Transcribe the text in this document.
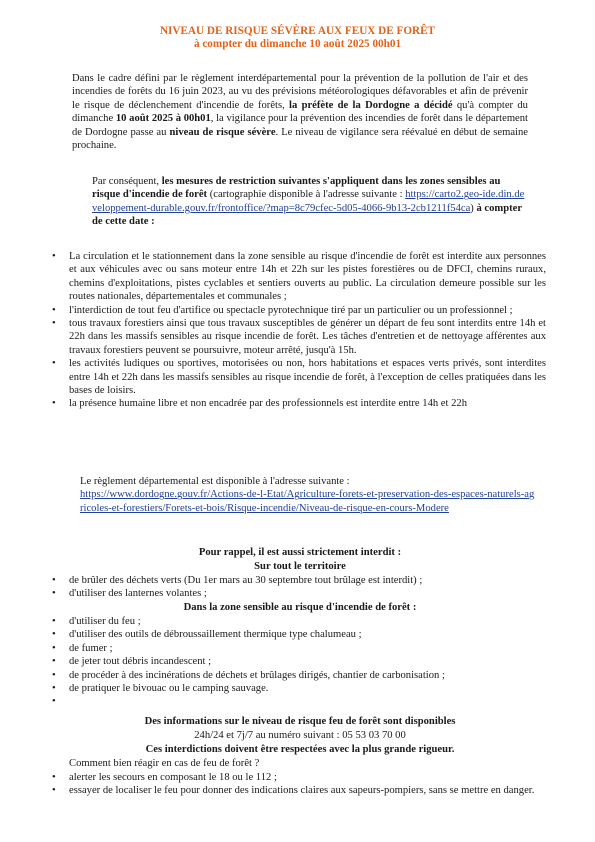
NIVEAU DE RISQUE SÉVÈRE AUX FEUX DE FORÊT
à compter du dimanche 10 août 2025 00h01
Dans le cadre défini par le règlement interdépartemental pour la prévention de la pollution de l'air et des incendies de forêts du 16 juin 2023, au vu des prévisions météorologiques défavorables et afin de prévenir le risque de déclenchement d'incendie de forêts, la préfète de la Dordogne a décidé qu'à compter du dimanche 10 août 2025 à 00h01, la vigilance pour la prévention des incendies de forêt dans le département de Dordogne passe au niveau de risque sévère. Le niveau de vigilance sera réévalué en début de semaine prochaine.
Par conséquent, les mesures de restriction suivantes s'appliquent dans les zones sensibles au risque d'incendie de forêt (cartographie disponible à l'adresse suivante : https://carto2.geo-ide.din.developpement-durable.gouv.fr/frontoffice/?map=8c79cfec-5d05-4066-9b13-2cb1211f54ca) à compter de cette date :
• La circulation et le stationnement dans la zone sensible au risque d'incendie de forêt est interdite aux personnes et aux véhicules avec ou sans moteur entre 14h et 22h sur les pistes forestières ou de DFCI, chemins ruraux, chemins d'exploitations, pistes cyclables et sentiers ouverts au public. La circulation demeure possible sur les routes nationales, départementales et communales ;
• l'interdiction de tout feu d'artifice ou spectacle pyrotechnique tiré par un particulier ou un professionnel ;
• tous travaux forestiers ainsi que tous travaux susceptibles de générer un départ de feu sont interdits entre 14h et 22h dans les massifs sensibles au risque incendie de forêt. Les tâches d'entretien et de nettoyage afférentes aux travaux forestiers peuvent se poursuivre, moteur arrêté, jusqu'à 15h.
• les activités ludiques ou sportives, motorisées ou non, hors habitations et espaces verts privés, sont interdites entre 14h et 22h dans les massifs sensibles au risque incendie de forêt, à l'exception de celles pratiquées dans les bases de loisirs.
• la présence humaine libre et non encadrée par des professionnels est interdite entre 14h et 22h
Le règlement départemental est disponible à l'adresse suivante :
https://www.dordogne.gouv.fr/Actions-de-l-Etat/Agriculture-forets-et-preservation-des-espaces-naturels-agricoles-et-forestiers/Forets-et-bois/Risque-incendie/Niveau-de-risque-en-cours-Modere
Pour rappel, il est aussi strictement interdit :
Sur tout le territoire
• de brûler des déchets verts (Du 1er mars au 30 septembre tout brûlage est interdit) ;
• d'utiliser des lanternes volantes ;
Dans la zone sensible au risque d'incendie de forêt :
• d'utiliser du feu ;
• d'utiliser des outils de débroussaillement thermique type chalumeau ;
• de fumer ;
• de jeter tout débris incandescent ;
• de procéder à des incinérations de déchets et brûlages dirigés, chantier de carbonisation ;
• de pratiquer le bivouac ou le camping sauvage.
•

Des informations sur le niveau de risque feu de forêt sont disponibles
24h/24 et 7j/7 au numéro suivant : 05 53 03 70 00
Ces interdictions doivent être respectées avec la plus grande rigueur.
Comment bien réagir en cas de feu de forêt ?
• alerter les secours en composant le 18 ou le 112 ;
• essayer de localiser le feu pour donner des indications claires aux sapeurs-pompiers, sans se mettre en danger.
